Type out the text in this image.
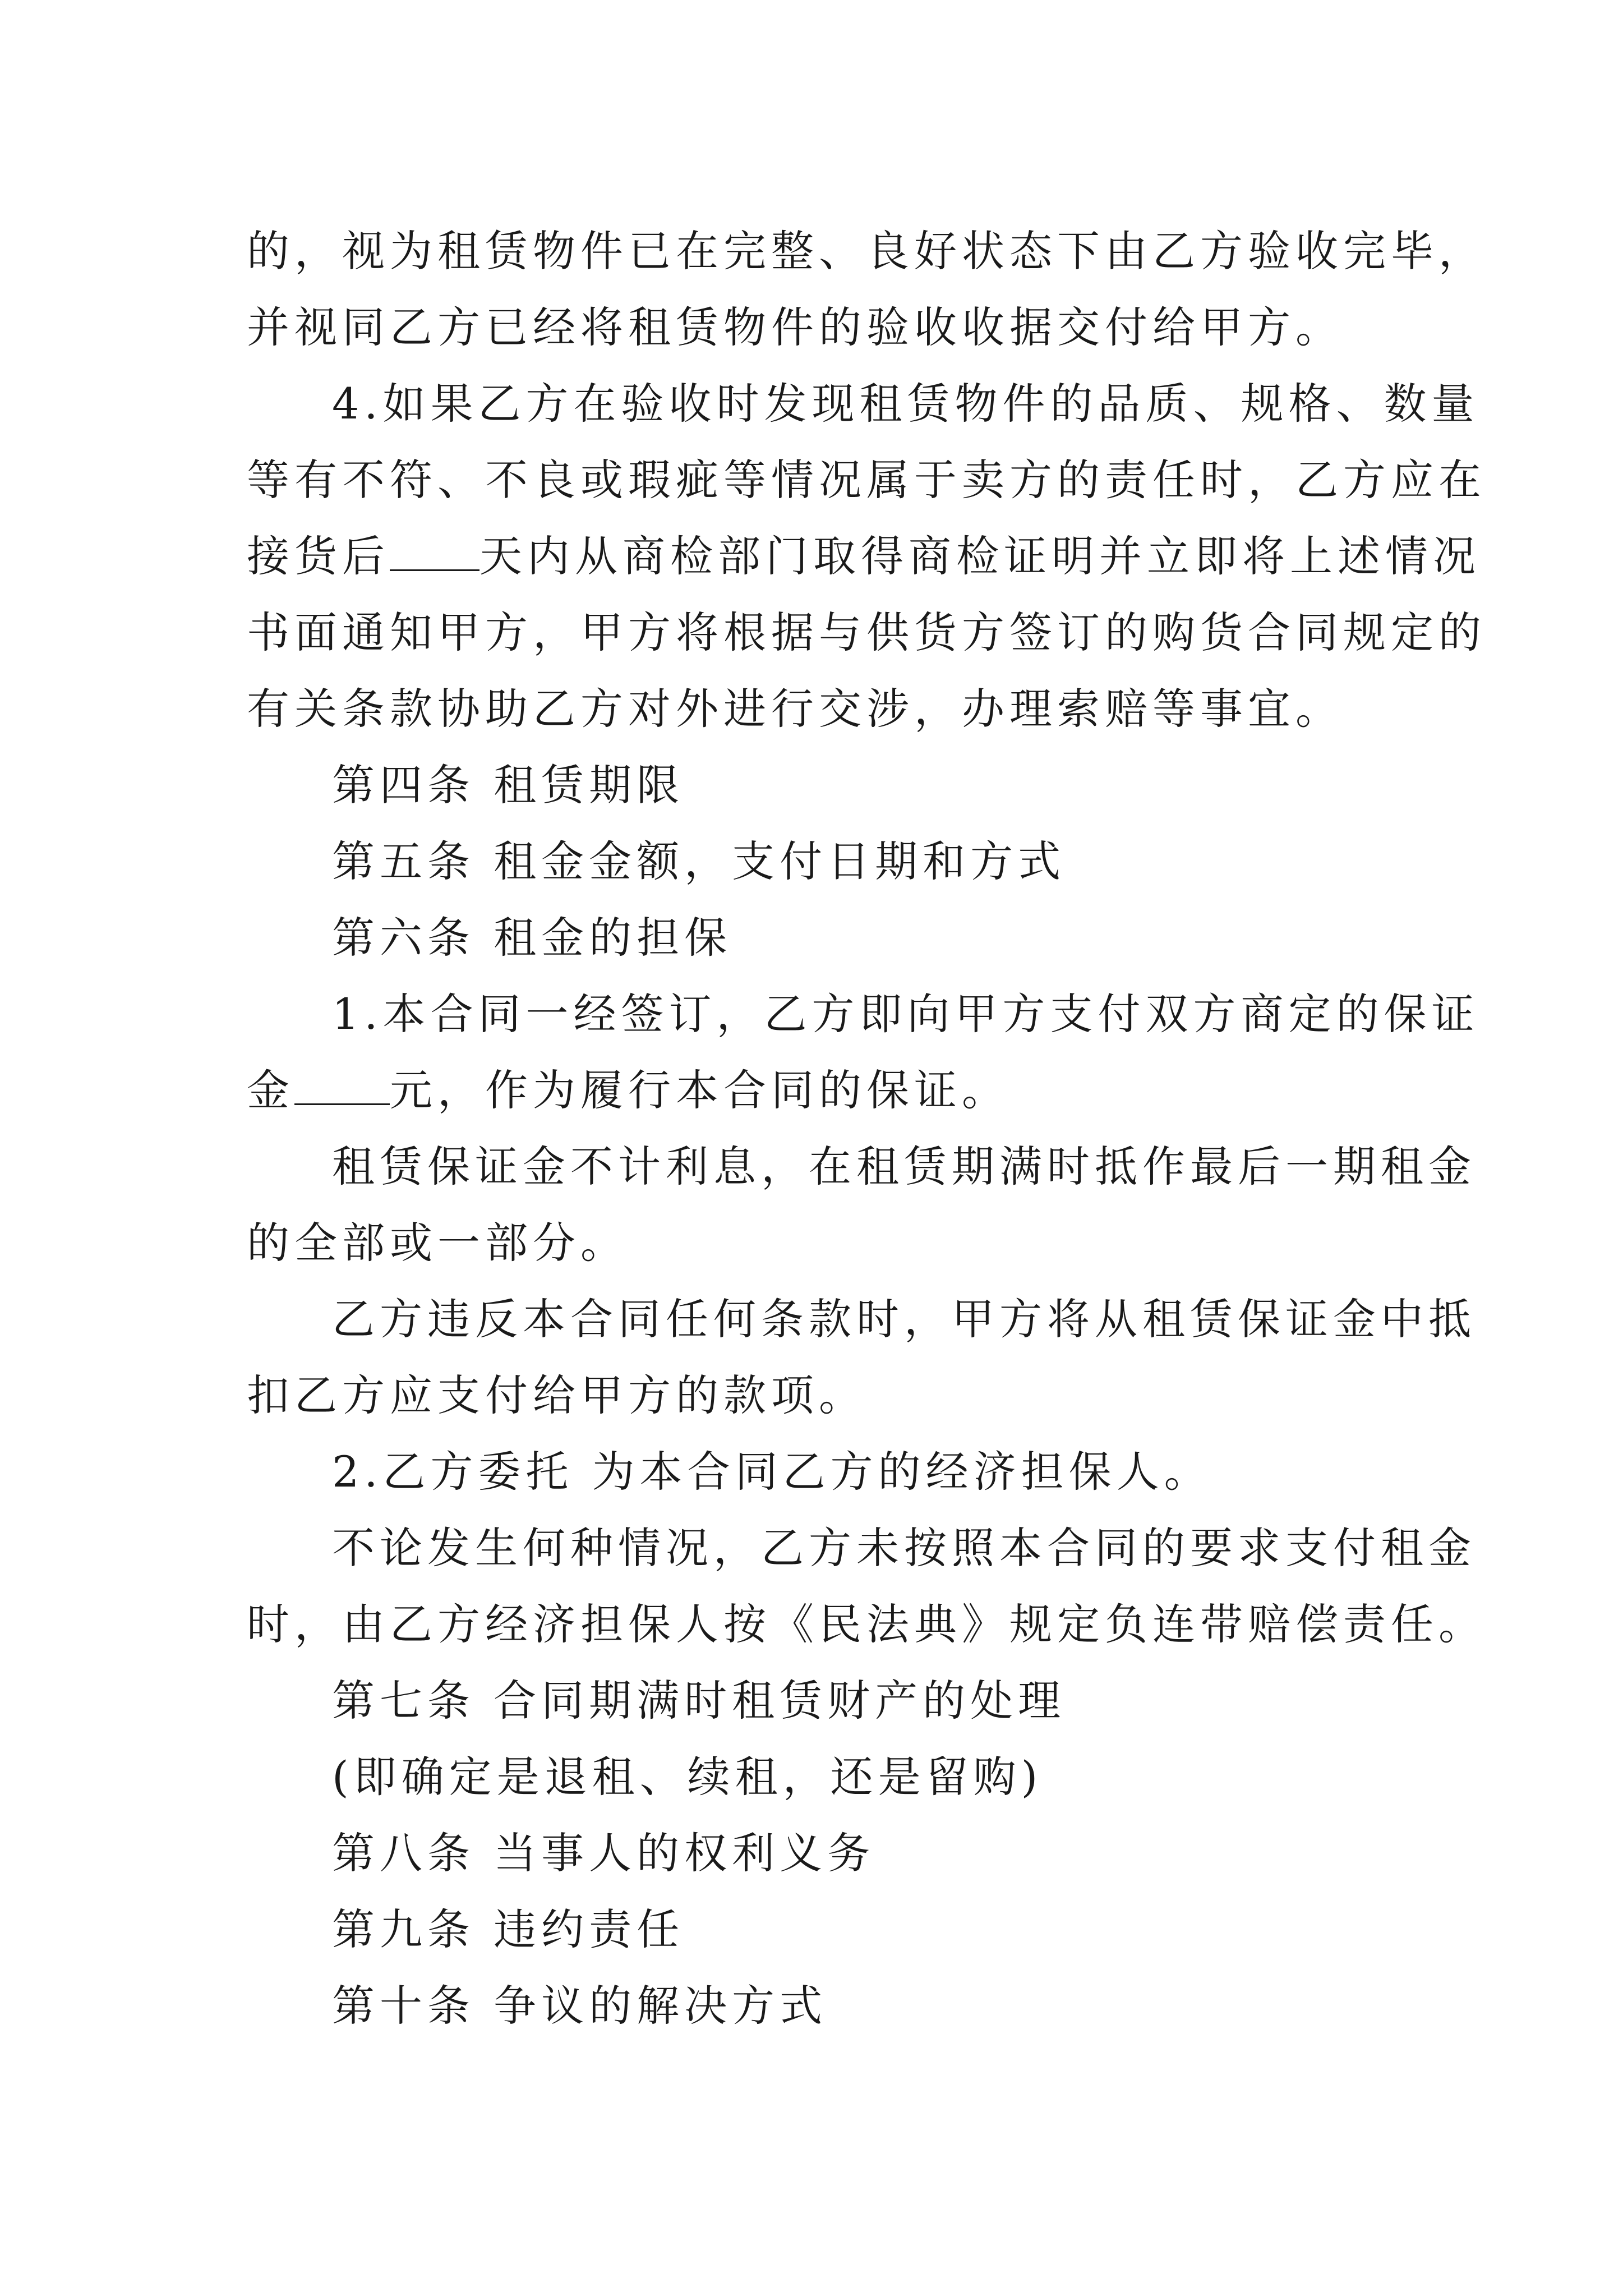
的，视为租赁物件已在完整、良好状态下由乙方验收完毕，
并视同乙方已经将租赁物件的验收收据交付给甲方。
4.如果乙方在验收时发现租赁物件的品质、规格、数量
等有不符、不良或瑕疵等情况属于卖方的责任时，乙方应在
接货后 天内从商检部门取得商检证明并立即将上述情况
书面通知甲方，甲方将根据与供货方签订的购货合同规定的
有关条款协助乙方对外进行交涉，办理索赔等事宜。
第四条 租赁期限
第五条 租金金额，支付日期和方式
第六条 租金的担保
1.本合同一经签订，乙方即向甲方支付双方商定的保证
金 元，作为履行本合同的保证。
租赁保证金不计利息，在租赁期满时抵作最后一期租金
的全部或一部分。
乙方违反本合同任何条款时，甲方将从租赁保证金中抵
扣乙方应支付给甲方的款项。
2.乙方委托 为本合同乙方的经济担保人。
不论发生何种情况，乙方未按照本合同的要求支付租金
时，由乙方经济担保人按《民法典》规定负连带赔偿责任。
第七条 合同期满时租赁财产的处理
(即确定是退租、续租，还是留购)
第八条 当事人的权利义务
第九条 违约责任
第十条 争议的解决方式
